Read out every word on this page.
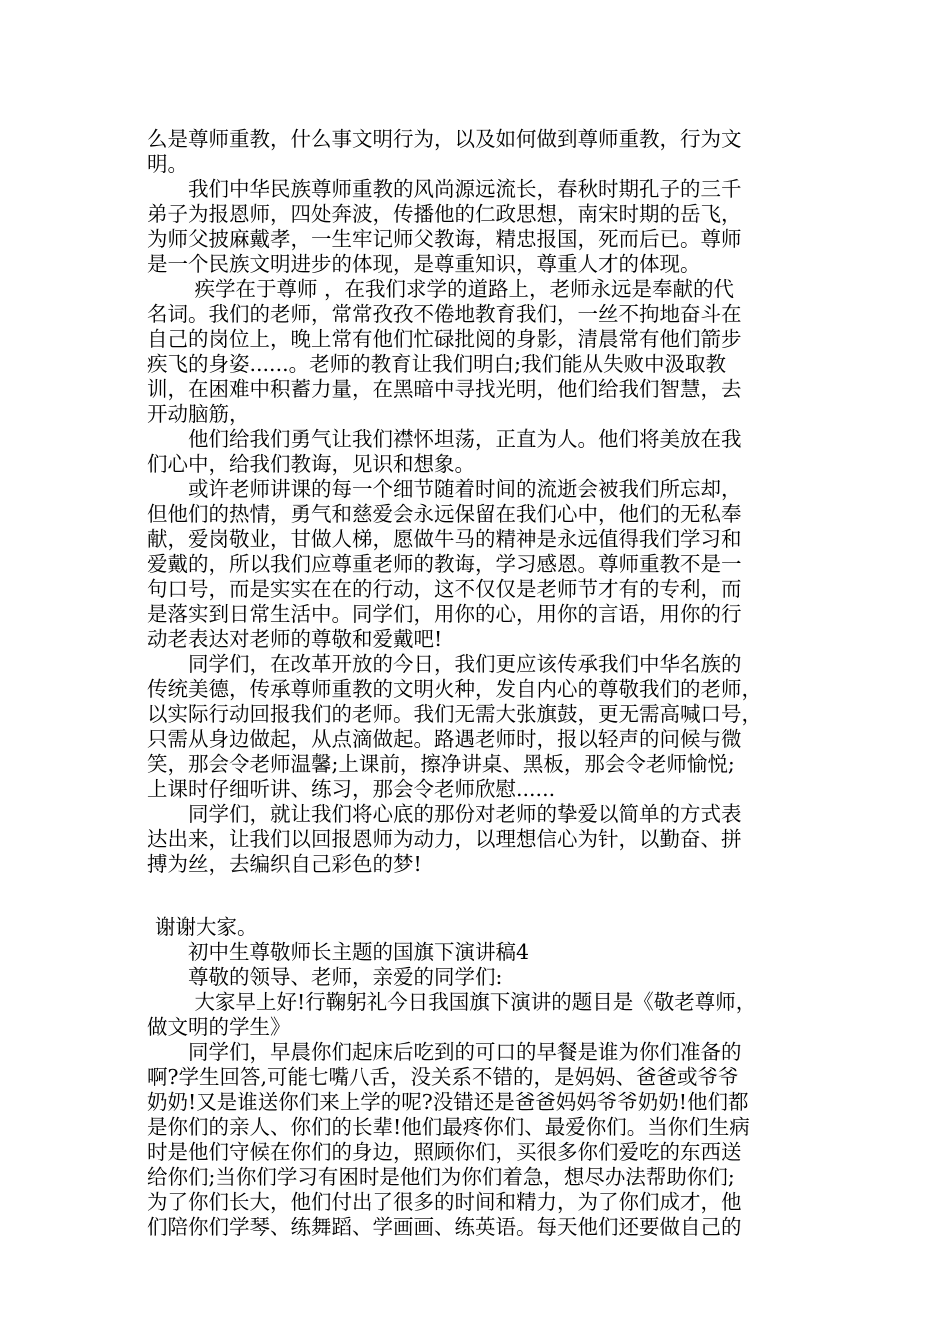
么是尊师重教，什么事文明行为，以及如何做到尊师重教，行为文

明。

　　我们中华民族尊师重教的风尚源远流长，春秋时期孔子的三千

弟子为报恩师，四处奔波，传播他的仁政思想，南宋时期的岳飞，

为师父披麻戴孝，一生牢记师父教诲，精忠报国，死而后已。尊师

是一个民族文明进步的体现，是尊重知识，尊重人才的体现。

　　 疾学在于尊师 ，在我们求学的道路上，老师永远是奉献的代

名词。我们的老师，常常孜孜不倦地教育我们，一丝不拘地奋斗在

自己的岗位上，晚上常有他们忙碌批阅的身影，清晨常有他们箭步

疾飞的身姿......。老师的教育让我们明白;我们能从失败中汲取教

训，在困难中积蓄力量，在黑暗中寻找光明，他们给我们智慧，去

开动脑筋，

　　他们给我们勇气让我们襟怀坦荡，正直为人。他们将美放在我

们心中，给我们教诲，见识和想象。

　　或许老师讲课的每一个细节随着时间的流逝会被我们所忘却，

但他们的热情，勇气和慈爱会永远保留在我们心中，他们的无私奉

献，爱岗敬业，甘做人梯，愿做牛马的精神是永远值得我们学习和

爱戴的，所以我们应尊重老师的教诲，学习感恩。尊师重教不是一

句口号，而是实实在在的行动，这不仅仅是老师节才有的专利，而

是落实到日常生活中。同学们，用你的心，用你的言语，用你的行

动老表达对老师的尊敬和爱戴吧!

　　同学们，在改革开放的今日，我们更应该传承我们中华名族的

传统美德，传承尊师重教的文明火种，发自内心的尊敬我们的老师，

以实际行动回报我们的老师。我们无需大张旗鼓，更无需高喊口号，

只需从身边做起，从点滴做起。路遇老师时，报以轻声的问候与微

笑，那会令老师温馨;上课前，擦净讲桌、黑板，那会令老师愉悦;

上课时仔细听讲、练习，那会令老师欣慰......

　　同学们，就让我们将心底的那份对老师的挚爱以简单的方式表

达出来，让我们以回报恩师为动力，以理想信心为针，以勤奋、拼

搏为丝，去编织自己彩色的梦!

谢谢大家。

　　初中生尊敬师长主题的国旗下演讲稿4

　　尊敬的领导、老师，亲爱的同学们:

　　 大家早上好!行鞠躬礼今日我国旗下演讲的题目是《敬老尊师，

做文明的学生》

　　同学们，早晨你们起床后吃到的可口的早餐是谁为你们准备的

啊?学生回答,可能七嘴八舌，没关系不错的，是妈妈、爸爸或爷爷

奶奶!又是谁送你们来上学的呢?没错还是爸爸妈妈爷爷奶奶!他们都

是你们的亲人、你们的长辈!他们最疼你们、最爱你们。当你们生病

时是他们守候在你们的身边，照顾你们，买很多你们爱吃的东西送

给你们;当你们学习有困时是他们为你们着急，想尽办法帮助你们;

为了你们长大，他们付出了很多的时间和精力，为了你们成才，他

们陪你们学琴、练舞蹈、学画画、练英语。每天他们还要做自己的
